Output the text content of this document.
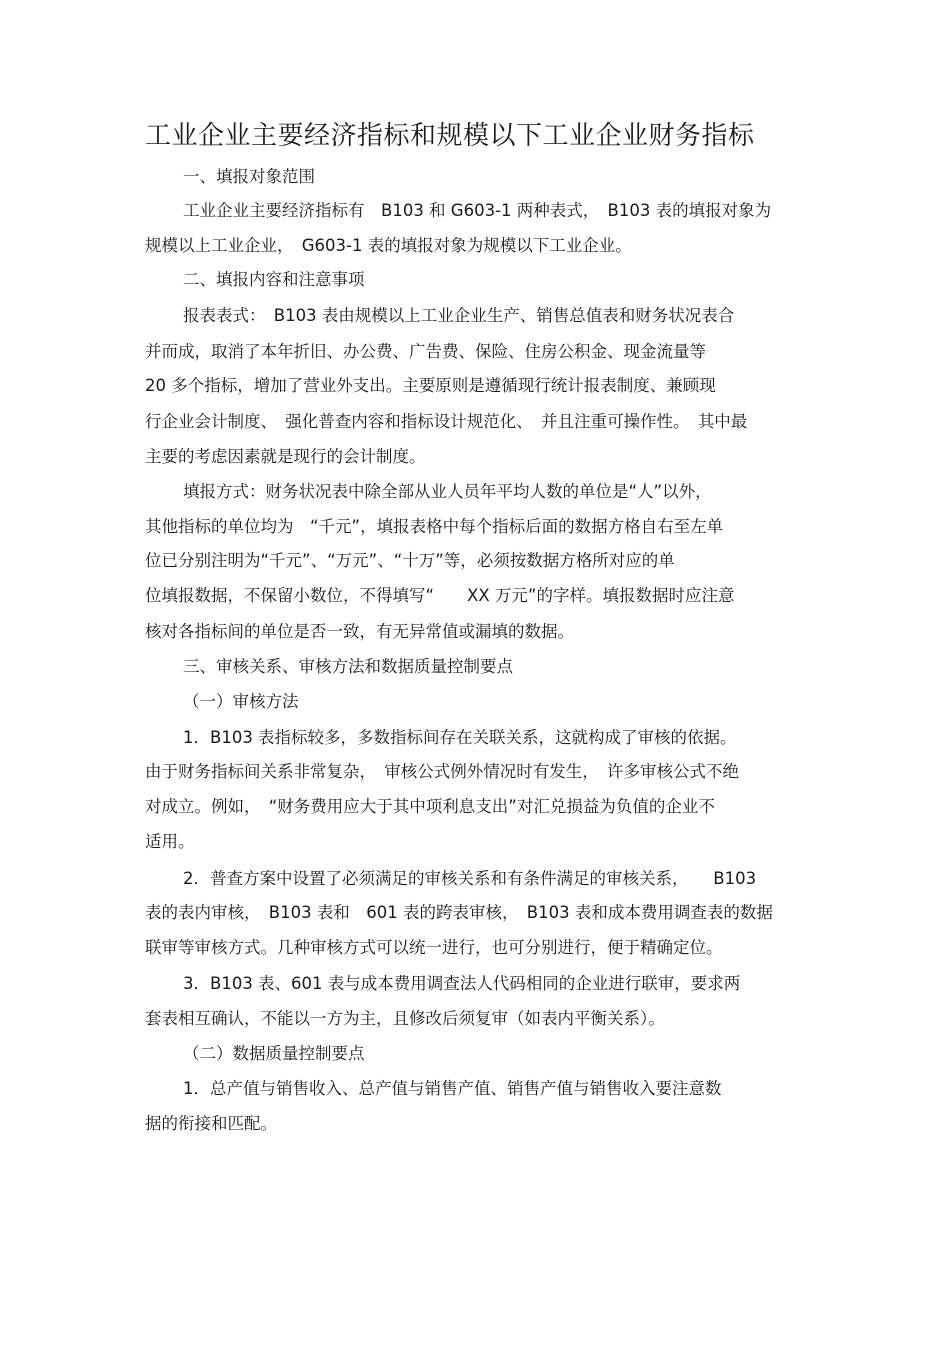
工业企业主要经济指标和规模以下工业企业财务指标
一、填报对象范围
工业企业主要经济指标有　B103 和 G603-1 两种表式，　B103 表的填报对象为
规模以上工业企业，　G603-1 表的填报对象为规模以下工业企业。
二、填报内容和注意事项
报表表式：　B103 表由规模以上工业企业生产、销售总值表和财务状况表合
并而成，取消了本年折旧、办公费、广告费、保险、住房公积金、现金流量等
20 多个指标，增加了营业外支出。主要原则是遵循现行统计报表制度、兼顾现
行企业会计制度、　强化普查内容和指标设计规范化、　并且注重可操作性。　其中最
主要的考虑因素就是现行的会计制度。
填报方式：财务状况表中除全部从业人员年平均人数的单位是“人”以外，
其他指标的单位均为　“千元”，填报表格中每个指标后面的数据方格自右至左单
位已分别注明为“千元”、“万元”、“十万”等，必须按数据方格所对应的单
位填报数据，不保留小数位，不得填写“　　XX 万元”的字样。填报数据时应注意
核对各指标间的单位是否一致，有无异常值或漏填的数据。
三、审核关系、审核方法和数据质量控制要点
（一）审核方法
1．B103 表指标较多，多数指标间存在关联关系，这就构成了审核的依据。
由于财务指标间关系非常复杂，　审核公式例外情况时有发生，　许多审核公式不绝
对成立。例如，　“财务费用应大于其中项利息支出”对汇兑损益为负值的企业不
适用。
2．普查方案中设置了必须满足的审核关系和有条件满足的审核关系，　　B103
表的表内审核，　B103 表和　601 表的跨表审核，　B103 表和成本费用调查表的数据
联审等审核方式。几种审核方式可以统一进行，也可分别进行，便于精确定位。
3．B103 表、601 表与成本费用调查法人代码相同的企业进行联审，要求两
套表相互确认，不能以一方为主，且修改后须复审（如表内平衡关系）。
（二）数据质量控制要点
1．总产值与销售收入、总产值与销售产值、销售产值与销售收入要注意数
据的衔接和匹配。
